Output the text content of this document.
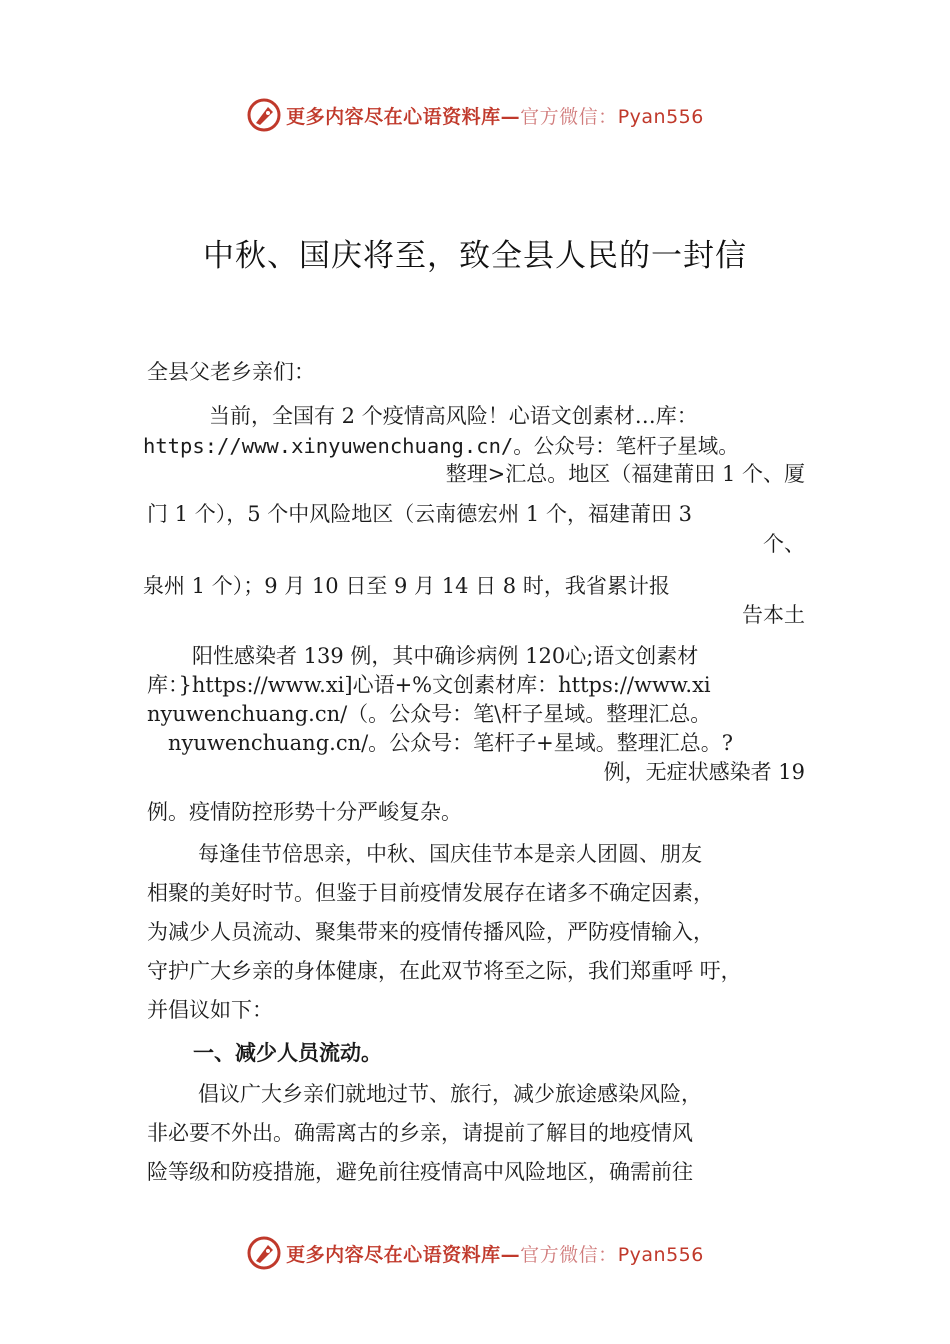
更多内容尽在心语资料库—官方微信：Pyan556
中秋、国庆将至，致全县人民的一封信
全县父老乡亲们：
当前，全国有 2 个疫情高风险！心语文创素材…库：
https://www.xinyuwenchuang.cn/。公众号：笔杆子星域。
整理>汇总。地区（福建莆田 1 个、厦
门 1 个），5 个中风险地区（云南德宏州 1 个，福建莆田 3
个、
泉州 1 个）；9 月 10 日至 9 月 14 日 8 时，我省累计报
告本土
阳性感染者 139 例，其中确诊病例 120心;语文创素材
库：}https://www.xi]心语+%文创素材库：https://www.xi
nyuwenchuang.cn/（。公众号：笔\杆子星域。整理汇总。
nyuwenchuang.cn/。公众号：笔杆子+星域。整理汇总。?
例，无症状感染者 19
例。疫情防控形势十分严峻复杂。
每逢佳节倍思亲，中秋、国庆佳节本是亲人团圆、朋友
相聚的美好时节。但鉴于目前疫情发展存在诸多不确定因素，
为减少人员流动、聚集带来的疫情传播风险，严防疫情输入，
守护广大乡亲的身体健康，在此双节将至之际，我们郑重呼 吁，
并倡议如下：
一、减少人员流动。
倡议广大乡亲们就地过节、旅行，减少旅途感染风险，
非必要不外出。确需离古的乡亲，请提前了解目的地疫情风
险等级和防疫措施，避免前往疫情高中风险地区，确需前往
更多内容尽在心语资料库—官方微信：Pyan556
